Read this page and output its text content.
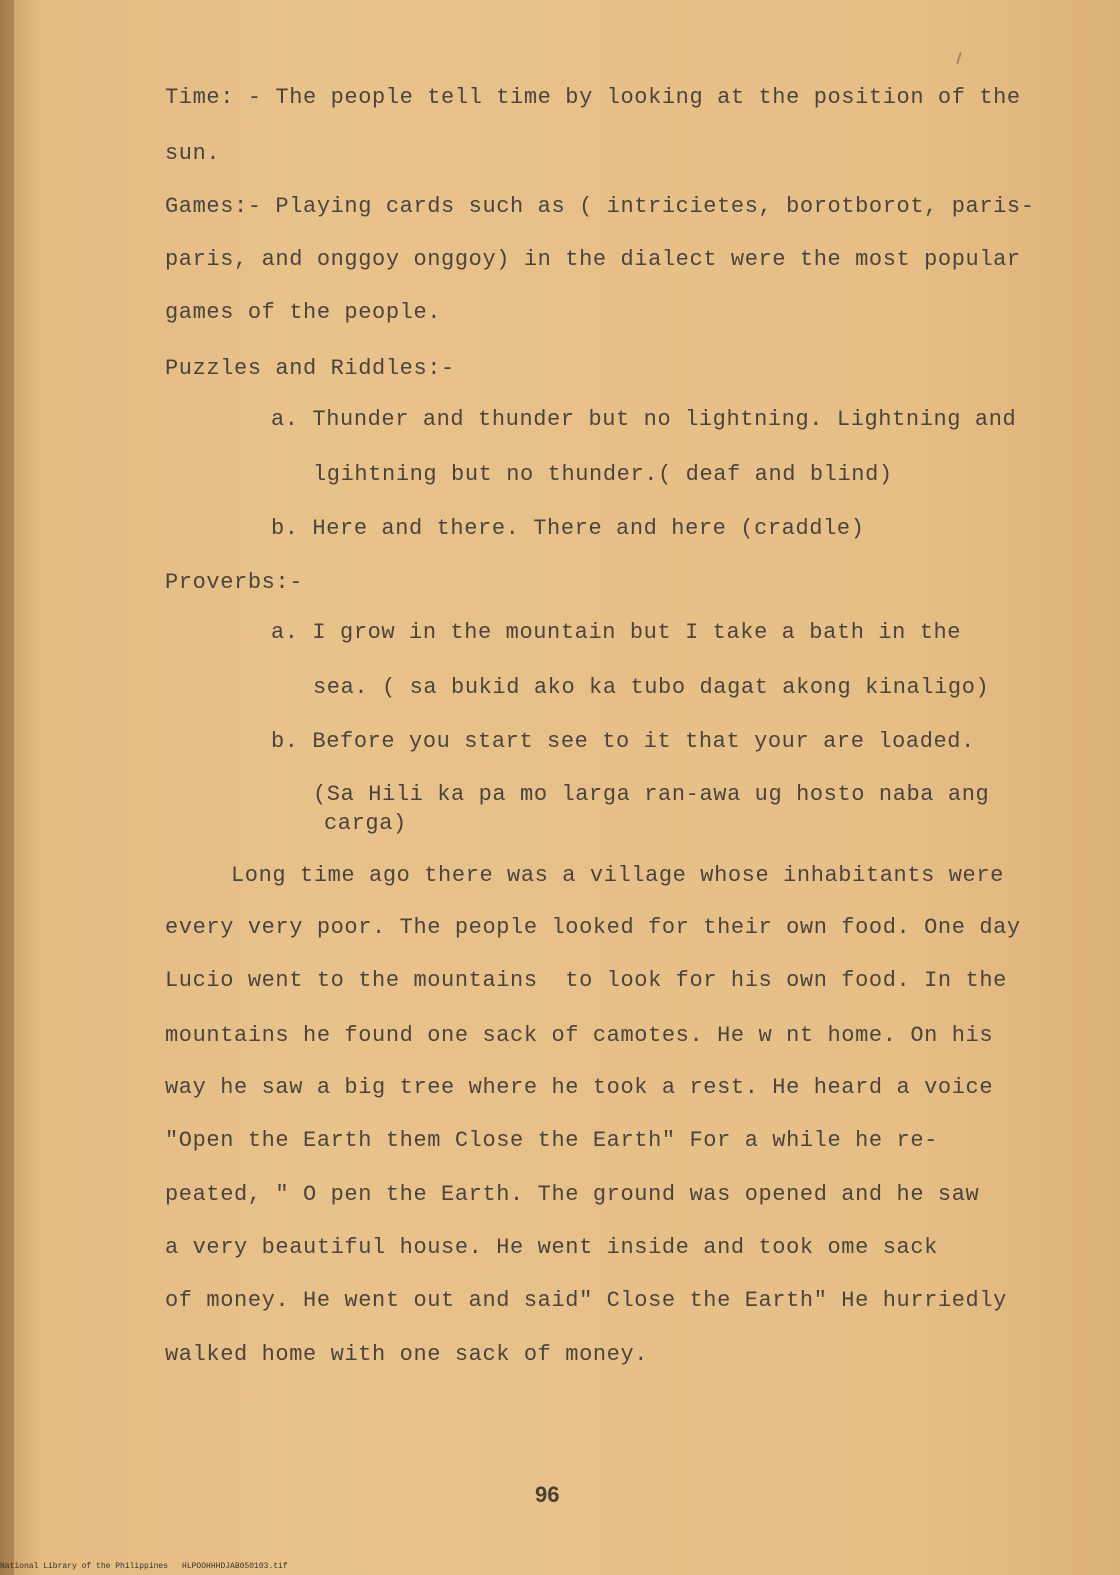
Time: - The people tell time by looking at the position of the
sun.
Games:- Playing cards such as ( intricietes, borotborot, paris-
paris, and onggoy onggoy) in the dialect were the most popular
games of the people.
Puzzles and Riddles:-
a. Thunder and thunder but no lightning. Lightning and
lgihtning but no thunder.( deaf and blind)
b. Here and there. There and here (craddle)
Proverbs:-
a. I grow in the mountain but I take a bath in the
sea. ( sa bukid ako ka tubo dagat akong kinaligo)
b. Before you start see to it that your are loaded.
(Sa Hili ka pa mo larga ran-awa ug hosto naba ang
carga)
Long time ago there was a village whose inhabitants were
every very poor. The people looked for their own food. One day
Lucio went to the mountains  to look for his own food. In the
mountains he found one sack of camotes. He w nt home. On his
way he saw a big tree where he took a rest. He heard a voice
"Open the Earth them Close the Earth" For a while he re-
peated, " O pen the Earth. The ground was opened and he saw
a very beautiful house. He went inside and took ome sack
of money. He went out and said" Close the Earth" He hurriedly
walked home with one sack of money.
96
National Library of the Philippines HLPOOHHHDJAB050103.tif
